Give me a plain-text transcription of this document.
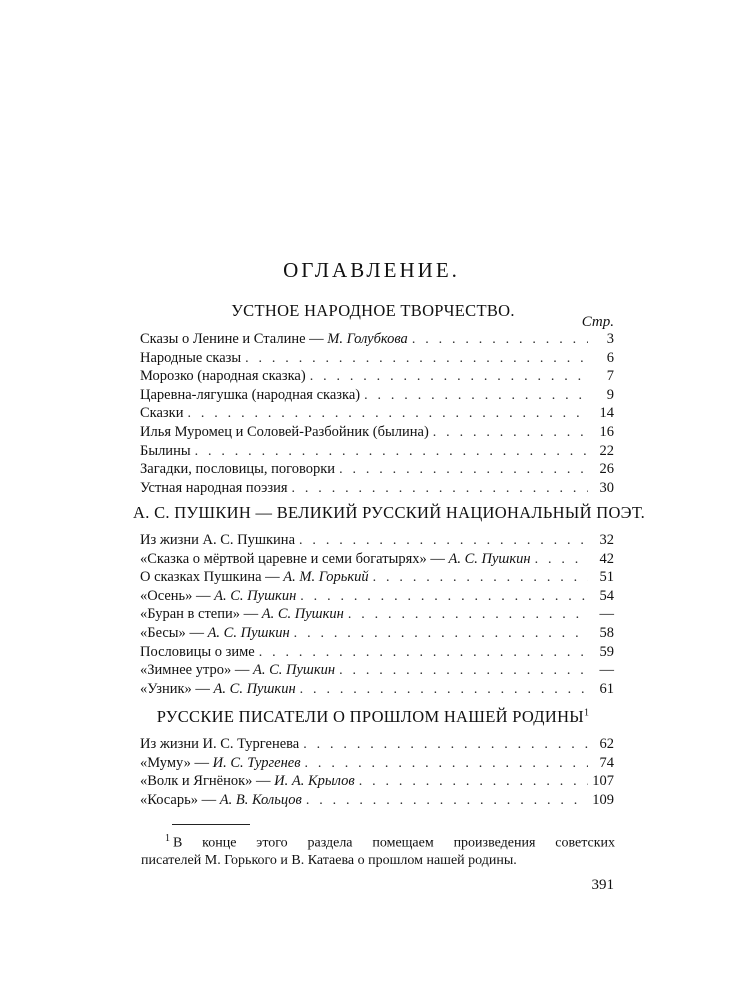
ОГЛАВЛЕНИЕ.
УСТНОЕ НАРОДНОЕ ТВОРЧЕСТВО.
Стр.
Сказы о Ленине и Сталине — М. Голубкова . . .	3
Народные сказы . . .	6
Морозко (народная сказка) . . .	7
Царевна-лягушка (народная сказка) . . .	9
Сказки . . .	14
Илья Муромец и Соловей-Разбойник (былина) . . .	16
Былины . . .	22
Загадки, пословицы, поговорки . . .	26
Устная народная поэзия . . .	30
А. С. ПУШКИН — ВЕЛИКИЙ РУССКИЙ НАЦИОНАЛЬНЫЙ ПОЭТ.
Из жизни А. С. Пушкина . . .	32
«Сказка о мёртвой царевне и семи богатырях» — А. С. Пушкин . . .	42
О сказках Пушкина — А. М. Горький . . .	51
«Осень» — А. С. Пушкин . . .	54
«Буран в степи» — А. С. Пушкин . . .	—
«Бесы» — А. С. Пушкин . . .	58
Пословицы о зиме . . .	59
«Зимнее утро» — А. С. Пушкин . . .	—
«Узник» — А. С. Пушкин . . .	61
РУССКИЕ ПИСАТЕЛИ О ПРОШЛОМ НАШЕЙ РОДИНЫ$^1$
Из жизни И. С. Тургенева . . .	62
«Муму» — И. С. Тургенев . . .	74
«Волк и Ягнёнок» — И. А. Крылов . . .	107
«Косарь» — А. В. Кольцов . . .	109
$^1$ В конце этого раздела помещаем произведения советских
писателей М. Горького и В. Катаева о прошлом нашей родины.
391
